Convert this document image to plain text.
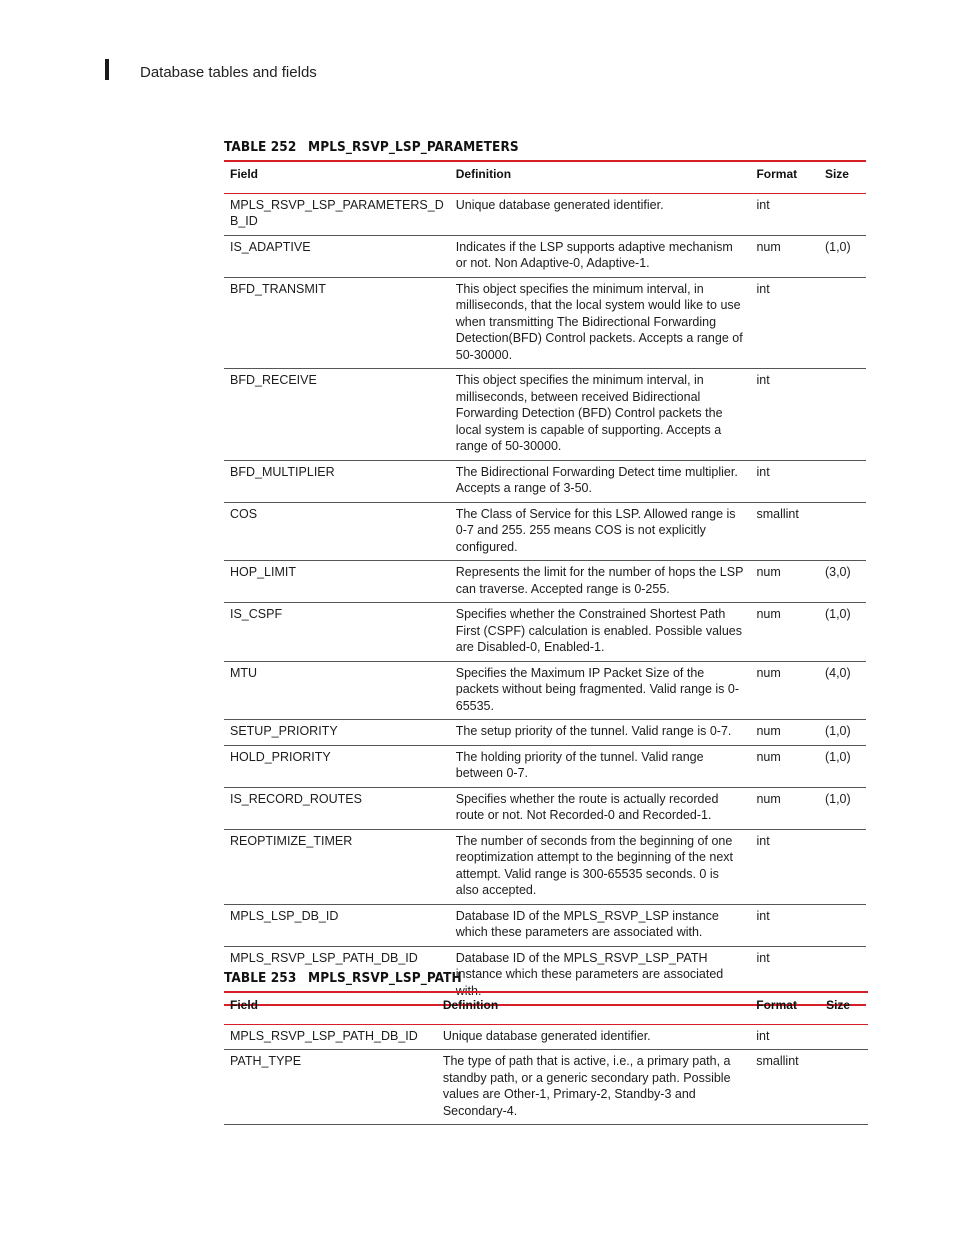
Database tables and fields
TABLE 252 MPLS_RSVP_LSP_PARAMETERS
Field	Definition	Format	Size
MPLS_RSVP_LSP_PARAMETERS_D B_ID	Unique database generated identifier.	int	
IS_ADAPTIVE	Indicates if the LSP supports adaptive mechanism or not. Non Adaptive-0, Adaptive-1.	num	(1,0)
BFD_TRANSMIT	This object specifies the minimum interval, in milliseconds, that the local system would like to use when transmitting The Bidirectional Forwarding Detection(BFD) Control packets. Accepts a range of 50-30000.	int	
BFD_RECEIVE	This object specifies the minimum interval, in milliseconds, between received Bidirectional Forwarding Detection (BFD) Control packets the local system is capable of supporting. Accepts a range of 50-30000.	int	
BFD_MULTIPLIER	The Bidirectional Forwarding Detect time multiplier. Accepts a range of 3-50.	int	
COS	The Class of Service for this LSP. Allowed range is 0-7 and 255. 255 means COS is not explicitly configured.	smallint	
HOP_LIMIT	Represents the limit for the number of hops the LSP can traverse. Accepted range is 0-255.	num	(3,0)
IS_CSPF	Specifies whether the Constrained Shortest Path First (CSPF) calculation is enabled. Possible values are Disabled-0, Enabled-1.	num	(1,0)
MTU	Specifies the Maximum IP Packet Size of the packets without being fragmented. Valid range is 0-65535.	num	(4,0)
SETUP_PRIORITY	The setup priority of the tunnel. Valid range is 0-7.	num	(1,0)
HOLD_PRIORITY	The holding priority of the tunnel. Valid range between 0-7.	num	(1,0)
IS_RECORD_ROUTES	Specifies whether the route is actually recorded route or not. Not Recorded-0 and Recorded-1.	num	(1,0)
REOPTIMIZE_TIMER	The number of seconds from the beginning of one reoptimization attempt to the beginning of the next attempt. Valid range is 300-65535 seconds. 0 is also accepted.	int	
MPLS_LSP_DB_ID	Database ID of the MPLS_RSVP_LSP instance which these parameters are associated with.	int	
MPLS_RSVP_LSP_PATH_DB_ID	Database ID of the MPLS_RSVP_LSP_PATH instance which these parameters are associated with.	int	
TABLE 253 MPLS_RSVP_LSP_PATH
Field	Definition	Format	Size
MPLS_RSVP_LSP_PATH_DB_ID	Unique database generated identifier.	int	
PATH_TYPE	The type of path that is active, i.e., a primary path, a standby path, or a generic secondary path. Possible values are Other-1, Primary-2, Standby-3 and Secondary-4.	smallint	
